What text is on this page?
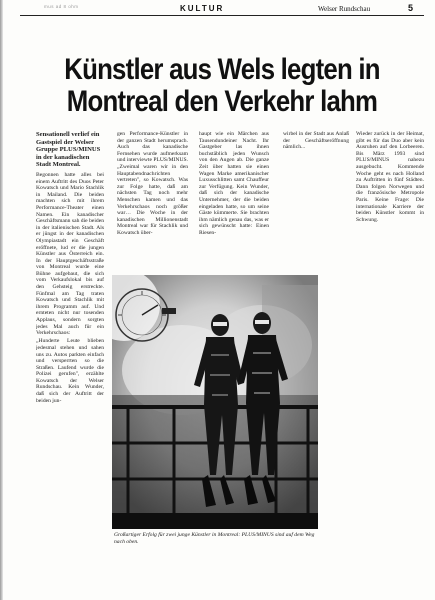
mus ad 8 ohm	KULTUR	Welser Rundschau	5
Künstler aus Wels legten in Montreal den Verkehr lahm

Sensationell verlief ein Gastspiel der Welser Gruppe PLUS/MINUS in der kanadischen Stadt Montreal.

Begonnen hatte alles bei einem Auftritt des Duos Peter Kowatsch und Mario Stachlik in Mailand. Die beiden machten sich mit ihrem Performance-Theater einen Namen. Ein kanadischer Geschäftsmann sah die beiden in der italienischen Stadt. Als er jüngst in der kanadischen Olympiastadt ein Geschäft eröffnete, lud er die jungen Künstler aus Österreich ein. In der Hauptgeschäftsstraße von Montreal wurde eine Bühne aufgebaut, die sich vom Verkaufslokal bis auf den Gehsteig erstreckte. Fünfmal am Tag traten Kowatsch und Stachlik mit ihrem Programm auf. Und ernteten nicht nur tosenden Applaus, sondern sorgten jedes Mal auch für ein Verkehrschaos:

„Hunderte Leute blieben jedesmal stehen und sahen uns zu. Autos parkten einfach und versperrten so die Straßen. Laufend wurde die Polizei gerufen", erzählte Kowatsch der Welser Rundschau. Kein Wunder, daß sich der Auftritt der beiden jun-

gen Performance-Künstler in der ganzen Stadt herumsprach. Auch das kanadische Fernsehen wurde aufmerksam und interviewte PLUS/MINUS. „Zweimal waren wir in den Hauptabendnachrichten vertreten", so Kowatsch. Was zur Folge hatte, daß am nächsten Tag noch mehr Menschen kamen und das Verkehrschaos noch größer war… Die Woche in der kanadischen Millionenstadt Montreal war für Stachlik und Kowatsch über-

haupt wie ein Märchen aus Tausendundeiner Nacht. Ihr Gastgeber las ihnen buchstäblich jeden Wunsch von den Augen ab. Die ganze Zeit über hatten sie einen Wagen Marke amerikanischer Luxusschlitten samt Chauffeur zur Verfügung. Kein Wunder, daß sich der kanadische Unternehmer, der die beiden eingeladen hatte, so um seine Gäste kümmerte. Sie brachten ihm nämlich genau das, was er sich gewünscht hatte: Einen Riesen-

wirbel in der Stadt aus Anlaß der Geschäftseröffnung nämlich...

Wieder zurück in der Heimat, gibt es für das Duo aber kein Ausruhen auf den Lorbeeren. Bis März 1993 sind PLUS/MINUS nahezu ausgebucht. Kommende Woche geht es nach Holland zu Auftritten in fünf Städten. Dann folgen Norwegen und die französische Metropole Paris. Keine Frage: Die internationale Karriere der beiden Künstler kommt in Schwung.

Großartiger Erfolg für zwei junge Künstler in Montreal: PLUS/MINUS sind auf dem Weg nach oben.
